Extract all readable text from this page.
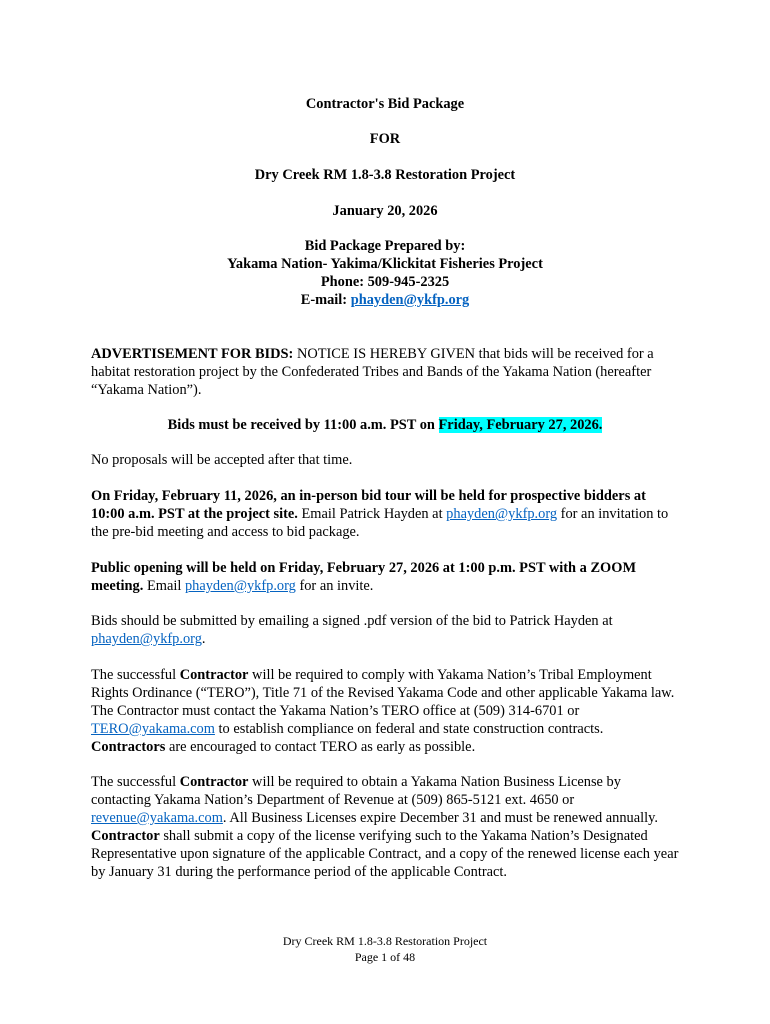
Contractor's Bid Package
FOR
Dry Creek RM 1.8-3.8 Restoration Project
January 20, 2026
Bid Package Prepared by:
Yakama Nation- Yakima/Klickitat Fisheries Project
Phone: 509-945-2325
E-mail: phayden@ykfp.org
ADVERTISEMENT FOR BIDS: NOTICE IS HEREBY GIVEN that bids will be received for a habitat restoration project by the Confederated Tribes and Bands of the Yakama Nation (hereafter “Yakama Nation”).
Bids must be received by 11:00 a.m. PST on Friday, February 27, 2026.
No proposals will be accepted after that time.
On Friday, February 11, 2026, an in-person bid tour will be held for prospective bidders at 10:00 a.m. PST at the project site. Email Patrick Hayden at phayden@ykfp.org for an invitation to the pre-bid meeting and access to bid package.
Public opening will be held on Friday, February 27, 2026 at 1:00 p.m. PST with a ZOOM meeting. Email phayden@ykfp.org for an invite.
Bids should be submitted by emailing a signed .pdf version of the bid to Patrick Hayden at phayden@ykfp.org.
The successful Contractor will be required to comply with Yakama Nation’s Tribal Employment Rights Ordinance (“TERO”), Title 71 of the Revised Yakama Code and other applicable Yakama law. The Contractor must contact the Yakama Nation’s TERO office at (509) 314-6701 or TERO@yakama.com to establish compliance on federal and state construction contracts. Contractors are encouraged to contact TERO as early as possible.
The successful Contractor will be required to obtain a Yakama Nation Business License by contacting Yakama Nation’s Department of Revenue at (509) 865-5121 ext. 4650 or revenue@yakama.com. All Business Licenses expire December 31 and must be renewed annually. Contractor shall submit a copy of the license verifying such to the Yakama Nation’s Designated Representative upon signature of the applicable Contract, and a copy of the renewed license each year by January 31 during the performance period of the applicable Contract.
Dry Creek RM 1.8-3.8 Restoration Project
Page 1 of 48
